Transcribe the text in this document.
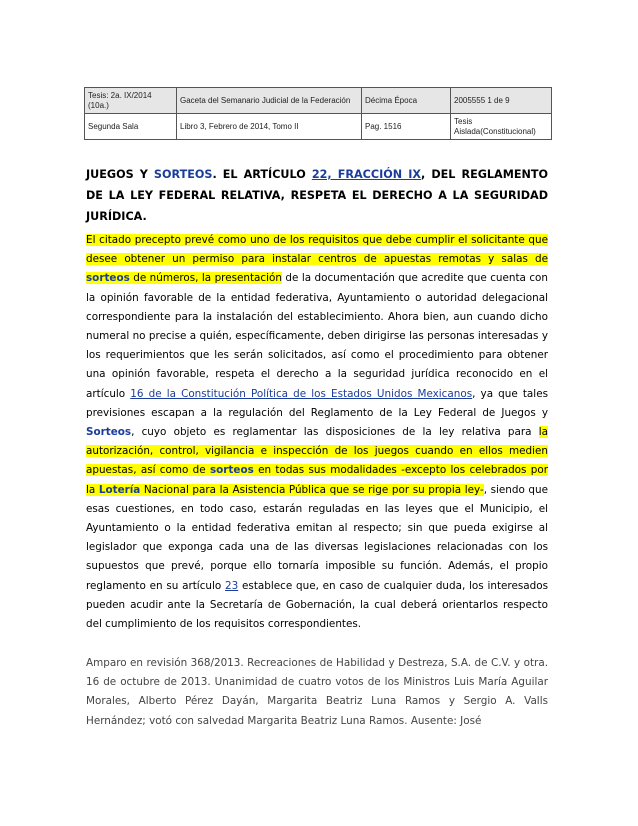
Tesis: 2a. IX/2014 (10a.)	Gaceta del Semanario Judicial de la Federación	Décima Época	2005555 1 de 9
Segunda Sala	Libro 3, Febrero de 2014, Tomo II	Pag. 1516	Tesis Aislada(Constitucional)

JUEGOS Y SORTEOS. EL ARTÍCULO 22, FRACCIÓN IX, DEL REGLAMENTO DE LA LEY FEDERAL RELATIVA, RESPETA EL DERECHO A LA SEGURIDAD JURÍDICA.

El citado precepto prevé como uno de los requisitos que debe cumplir el solicitante que desee obtener un permiso para instalar centros de apuestas remotas y salas de sorteos de números, la presentación de la documentación que acredite que cuenta con la opinión favorable de la entidad federativa, Ayuntamiento o autoridad delegacional correspondiente para la instalación del establecimiento. Ahora bien, aun cuando dicho numeral no precise a quién, específicamente, deben dirigirse las personas interesadas y los requerimientos que les serán solicitados, así como el procedimiento para obtener una opinión favorable, respeta el derecho a la seguridad jurídica reconocido en el artículo 16 de la Constitución Política de los Estados Unidos Mexicanos, ya que tales previsiones escapan a la regulación del Reglamento de la Ley Federal de Juegos y Sorteos, cuyo objeto es reglamentar las disposiciones de la ley relativa para la autorización, control, vigilancia e inspección de los juegos cuando en ellos medien apuestas, así como de sorteos en todas sus modalidades -excepto los celebrados por la Lotería Nacional para la Asistencia Pública que se rige por su propia ley-, siendo que esas cuestiones, en todo caso, estarán reguladas en las leyes que el Municipio, el Ayuntamiento o la entidad federativa emitan al respecto; sin que pueda exigirse al legislador que exponga cada una de las diversas legislaciones relacionadas con los supuestos que prevé, porque ello tornaría imposible su función. Además, el propio reglamento en su artículo 23 establece que, en caso de cualquier duda, los interesados pueden acudir ante la Secretaría de Gobernación, la cual deberá orientarlos respecto del cumplimiento de los requisitos correspondientes.

Amparo en revisión 368/2013. Recreaciones de Habilidad y Destreza, S.A. de C.V. y otra. 16 de octubre de 2013. Unanimidad de cuatro votos de los Ministros Luis María Aguilar Morales, Alberto Pérez Dayán, Margarita Beatriz Luna Ramos y Sergio A. Valls Hernández; votó con salvedad Margarita Beatriz Luna Ramos. Ausente: José
